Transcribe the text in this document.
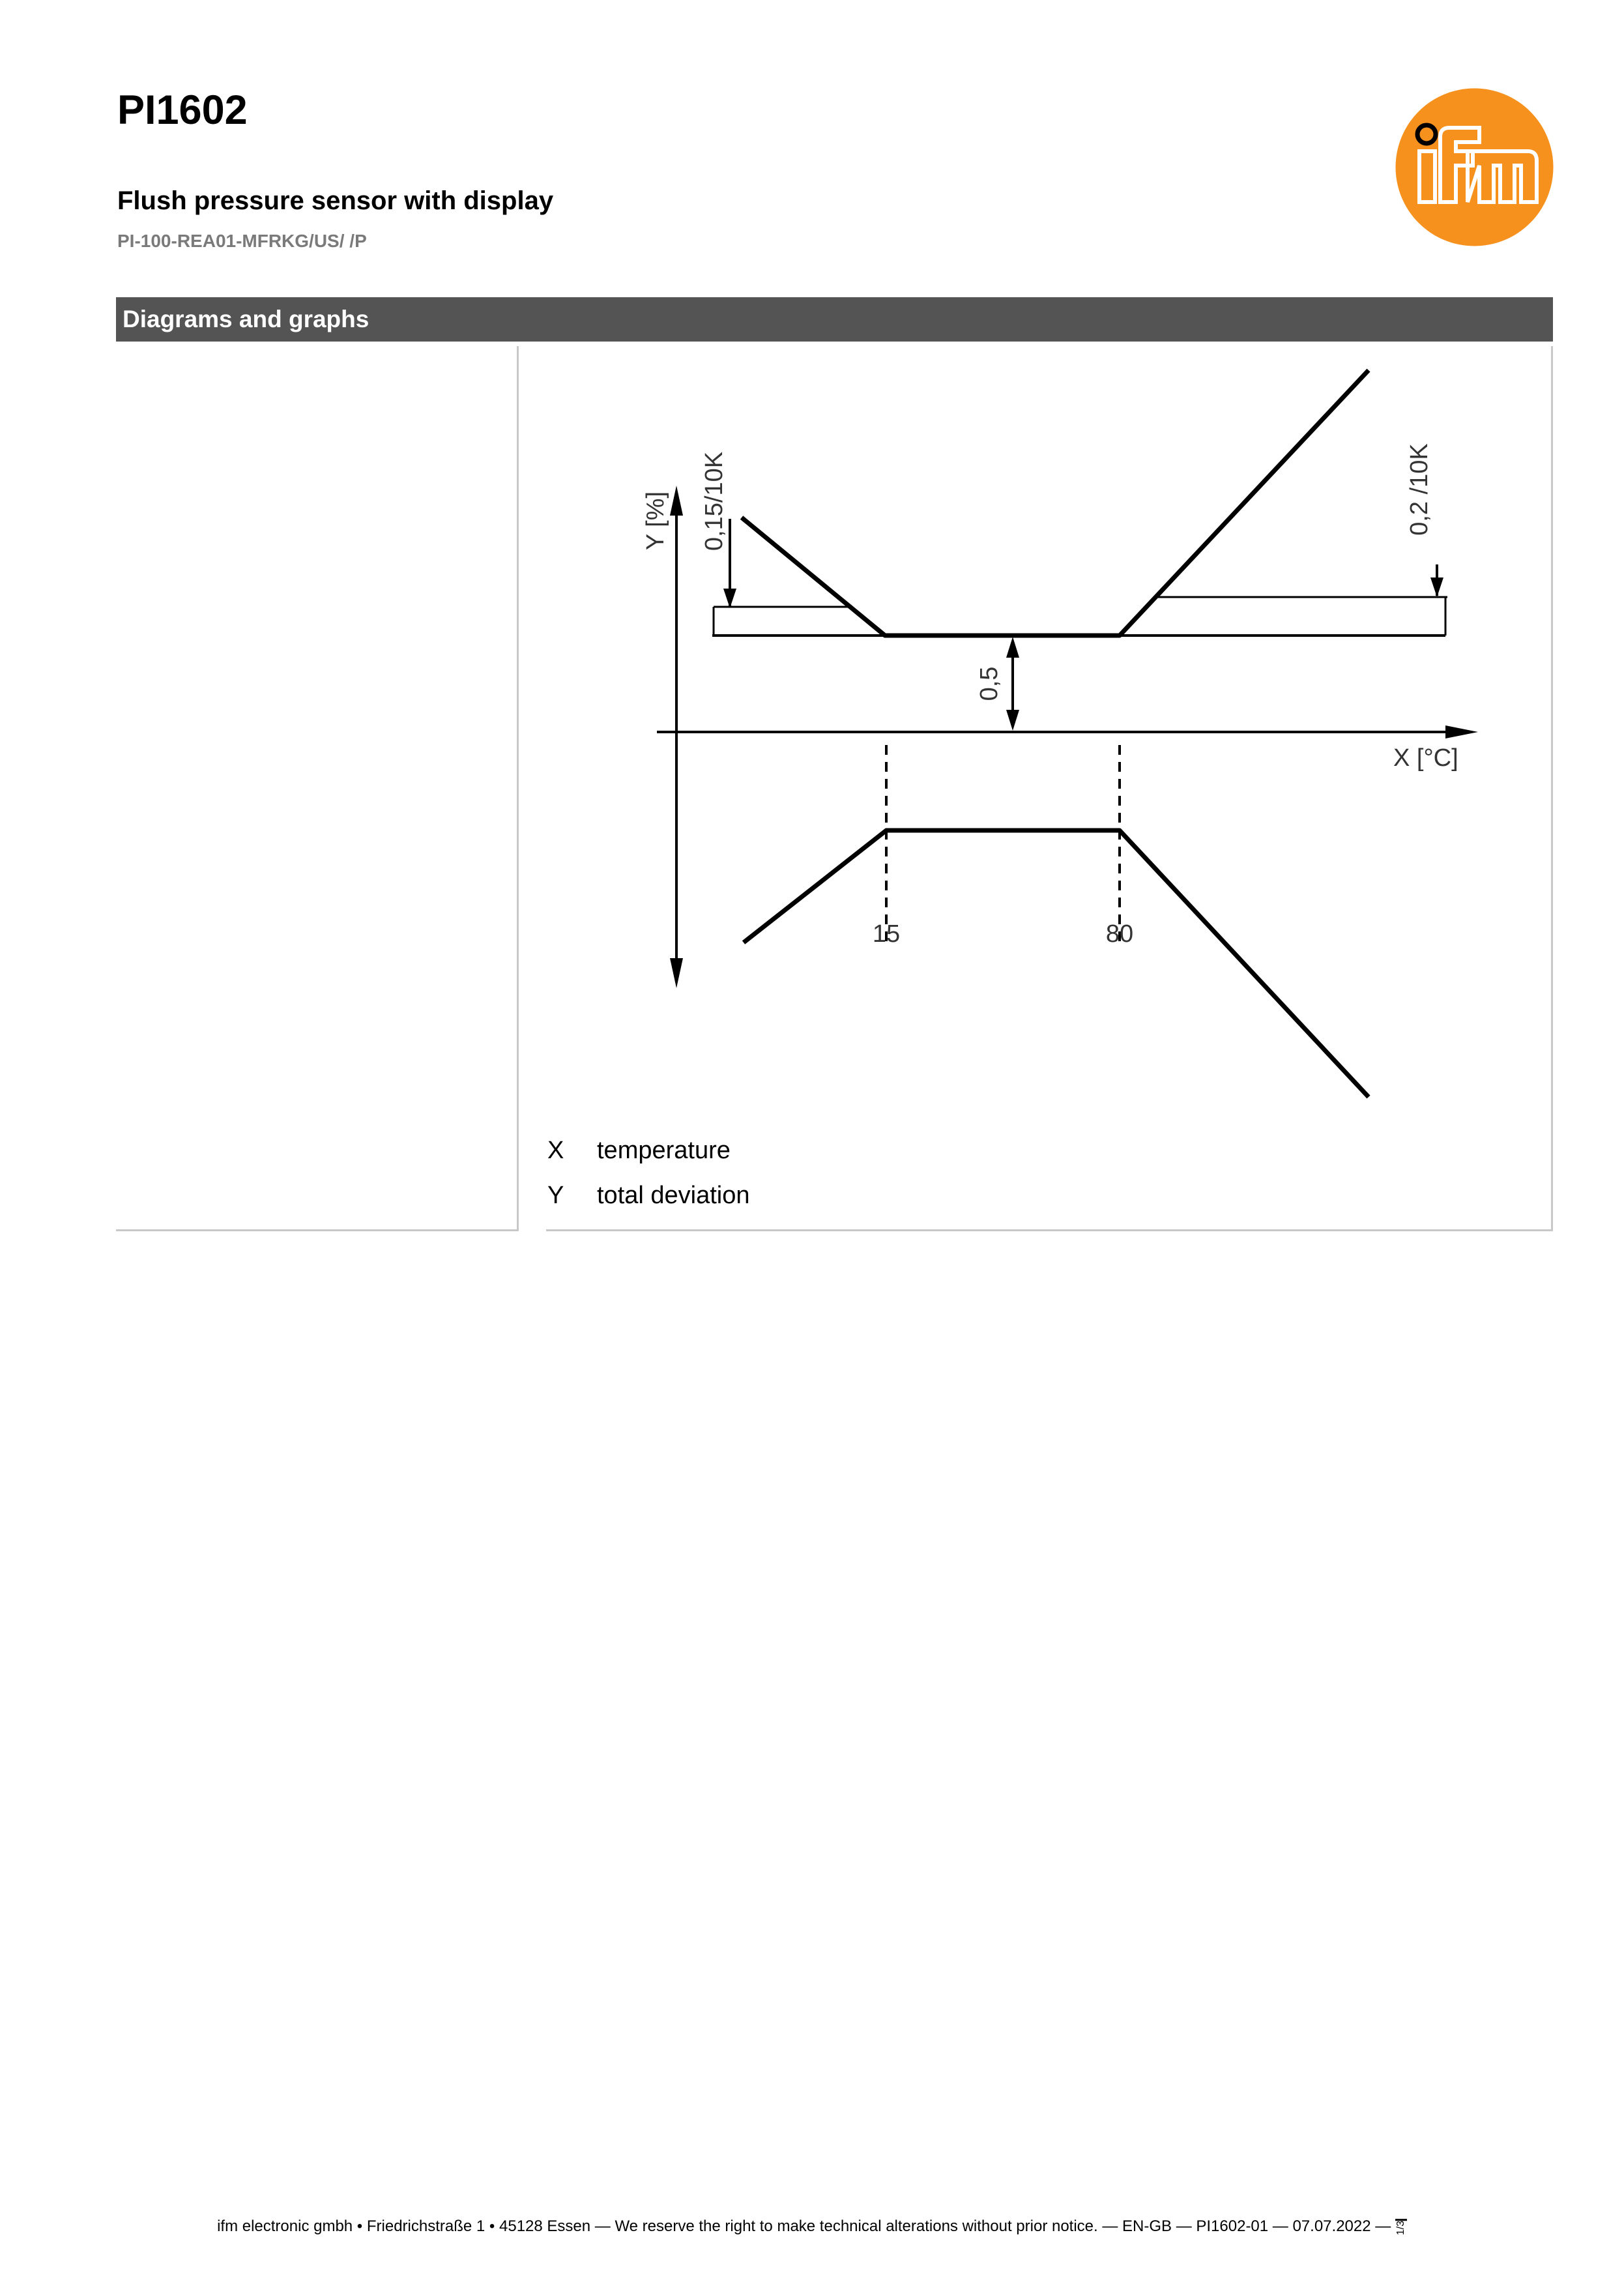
PI1602
Flush pressure sensor with display
PI-100-REA01-MFRKG/US/ /P
Diagrams and graphs
Y [%]
X [°C]
0,15/10K	0,2 /10K
0,5
15	80
X temperature
Y total deviation
ifm electronic gmbh • Friedrichstraße 1 • 45128 Essen — We reserve the right to make technical alterations without prior notice. — EN-GB — PI1602-01 — 07.07.2022 — 1/3
